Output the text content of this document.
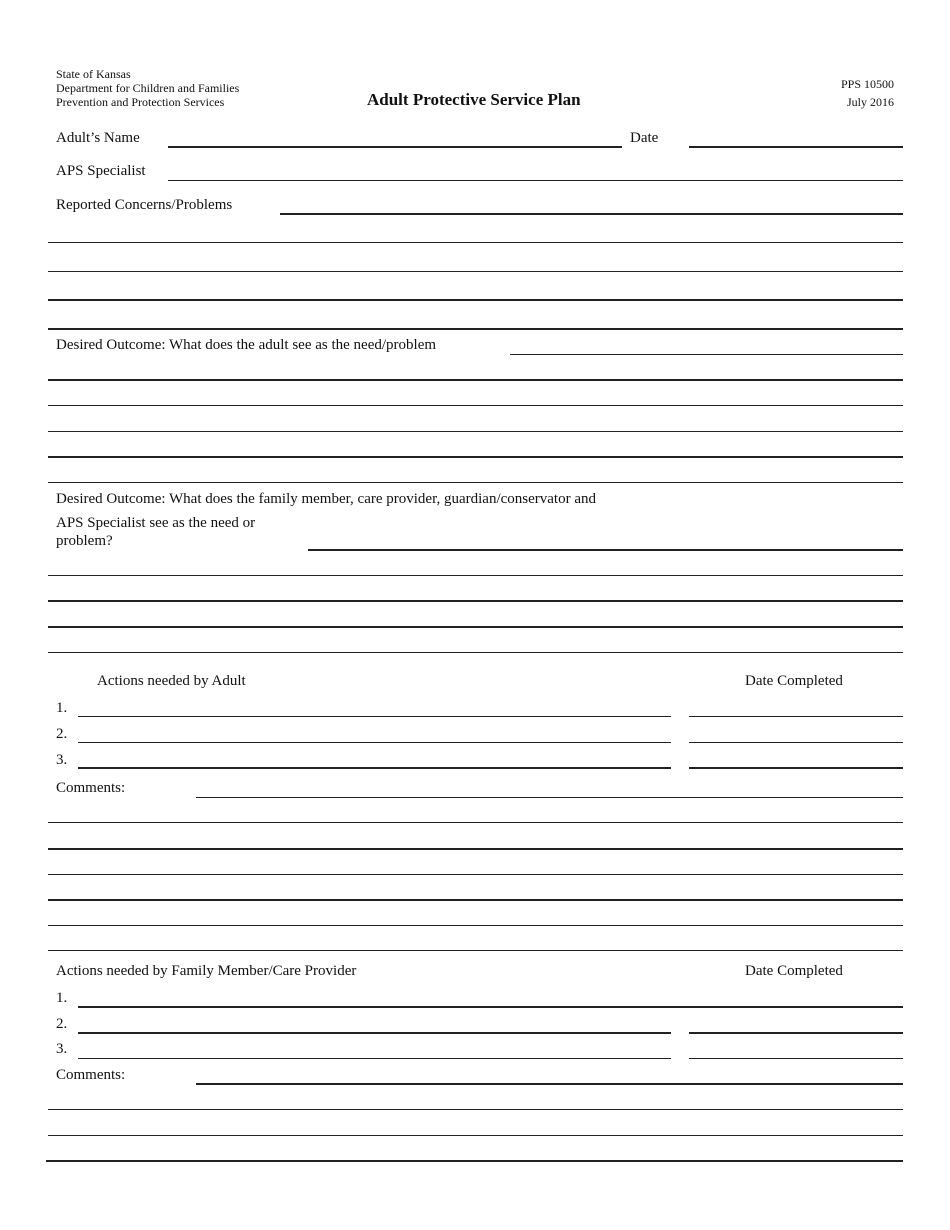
State of Kansas
Department for Children and Families
Prevention and Protection Services	Adult Protective Service Plan
PPS 10500
July 2016
Adult’s Name	Date
APS Specialist
Reported Concerns/Problems
Desired Outcome: What does the adult see as the need/problem
Desired Outcome: What does the family member, care provider, guardian/conservator and
APS Specialist see as the need or
problem?
Actions needed by Adult	Date Completed
1.
2.
3.
Comments:
Actions needed by Family Member/Care Provider	Date Completed
1.
2.
3.
Comments:
